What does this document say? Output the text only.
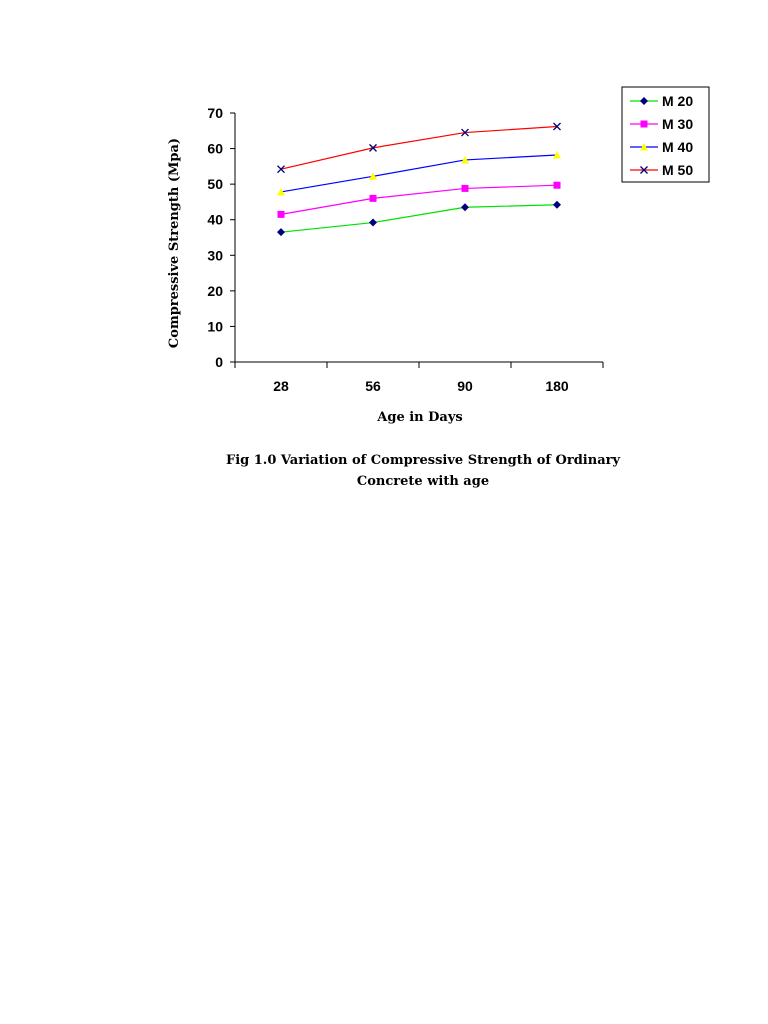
0
10
20
30
40
50
60
70
28	56	90	180
Compressive Strength (Mpa)
Age in Days
M 20
M 30
M 40
M 50
Fig 1.0 Variation of Compressive Strength of Ordinary
Concrete with age
